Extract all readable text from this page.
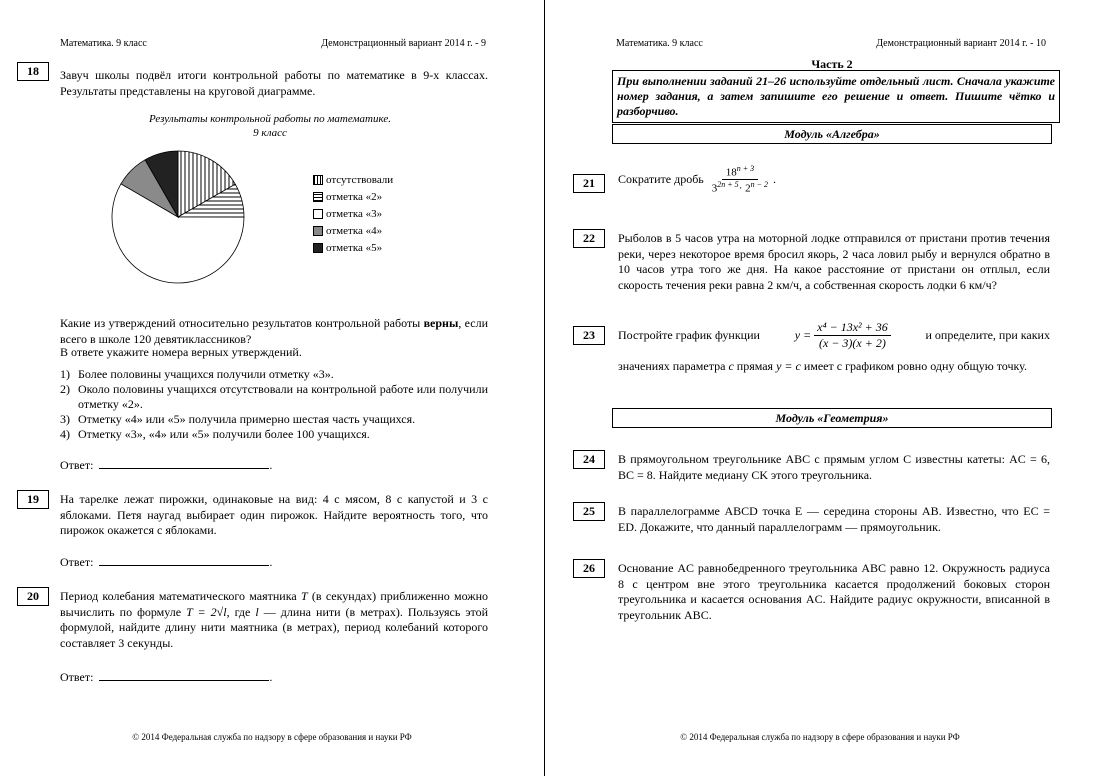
Математика. 9 класс	Демонстрационный вариант 2014 г. - 9
18	Завуч школы подвёл итоги контрольной работы по математике в 9-х классах. Результаты представлены на круговой диаграмме.
Результаты контрольной работы по математике.
9 класс
отсутствовали
отметка «2»
отметка «3»
отметка «4»
отметка «5»
Какие из утверждений относительно результатов контрольной работы верны, если всего в школе 120 девятиклассников?
В ответе укажите номера верных утверждений.
1) Более половины учащихся получили отметку «3».
2) Около половины учащихся отсутствовали на контрольной работе или получили отметку «2».
3) Отметку «4» или «5» получила примерно шестая часть учащихся.
4) Отметку «3», «4» или «5» получили более 100 учащихся.
Ответ:	.
19	На тарелке лежат пирожки, одинаковые на вид: 4 с мясом, 8 с капустой и 3 с яблоками. Петя наугад выбирает один пирожок. Найдите вероятность того, что пирожок окажется с яблоками.
Ответ:	.
20	Период колебания математического маятника T (в секундах) приближенно можно вычислить по формуле T = 2√l, где l — длина нити (в метрах). Пользуясь этой формулой, найдите длину нити маятника (в метрах), период колебаний которого составляет 3 секунды.
Ответ:	.
© 2014 Федеральная служба по надзору в сфере образования и науки РФ
Математика. 9 класс	Демонстрационный вариант 2014 г. - 10
Часть 2
При выполнении заданий 21–26 используйте отдельный лист. Сначала укажите номер задания, а затем запишите его решение и ответ. Пишите чётко и разборчиво.
Модуль «Алгебра»
21	Сократите дробь $\frac{18^{n + 3}}{3^{2n + 5}\cdot 2^{n - 2}}$ .
22	Рыболов в 5 часов утра на моторной лодке отправился от пристани против течения реки, через некоторое время бросил якорь, 2 часа ловил рыбу и вернулся обратно в 10 часов утра того же дня. На какое расстояние от пристани он отплыл, если скорость течения реки равна 2 км/ч, а собственная скорость лодки 6 км/ч?
23	Постройте график функции	$y = \frac{\text{x⁴ − 13x² + 36}}{(x - 3)(x + 2)}$	и определите, при каких
значениях параметра c прямая y = c имеет с графиком ровно одну общую точку.
Модуль «Геометрия»
24	В прямоугольном треугольнике ABC с прямым углом C известны катеты: AC = 6, BC = 8. Найдите медиану CK этого треугольника.
25	В параллелограмме ABCD точка E — середина стороны AB. Известно, что EC = ED. Докажите, что данный параллелограмм — прямоугольник.
26	Основание AC равнобедренного треугольника ABC равно 12. Окружность радиуса 8 с центром вне этого треугольника касается продолжений боковых сторон треугольника и касается основания AC. Найдите радиус окружности, вписанной в треугольник ABC.
© 2014 Федеральная служба по надзору в сфере образования и науки РФ
